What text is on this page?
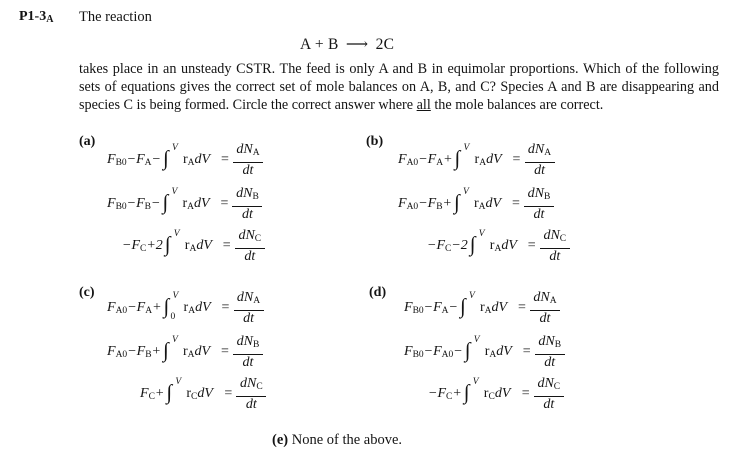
$P1-3_A$ The reaction
A + B ⟶ 2C
takes place in an unsteady CSTR. The feed is only A and B in equimolar proportions. Which of the following sets of equations gives the correct set of mole balances on A, B, and C? Species A and B are disappearing and species C is being formed. Circle the correct answer where all the mole balances are correct.
(a)	(b)
(c)	(d)
$F_{B0}-F_A-$ ∫ V
$r_AdV$ =
$dN_A$
dt
$F_{B0}-F_B-$ ∫ V
$r_AdV$ =
$dN_B$
dt
$-F_C+2$ ∫ V
$r_AdV$ =
$dN_C$
dt
$F_{A0}-F_A+$ ∫ V
$r_AdV$ =
$dN_A$
dt
$F_{A0}-F_B+$ ∫ V
$r_AdV$ =
$dN_B$
dt
$-F_C-2$ ∫ V
$r_AdV$ =
$dN_C$
dt
$F_{A0}-F_A+$ ∫ V
0
$r_AdV$ =
$dN_A$
dt
$F_{A0}-F_B+$ ∫ V
$r_AdV$ =
$dN_B$
dt
$F_C+$ ∫ V
$r_CdV$ =
$dN_C$
dt
$F_{B0}-F_A-$ ∫ V
$r_AdV$ =
$dN_A$
dt
$F_{B0}-F_{A0}-$ ∫ V
$r_AdV$ =
$dN_B$
dt
$-F_C+$ ∫ V
$r_CdV$ =
$dN_C$
dt
(e) None of the above.
